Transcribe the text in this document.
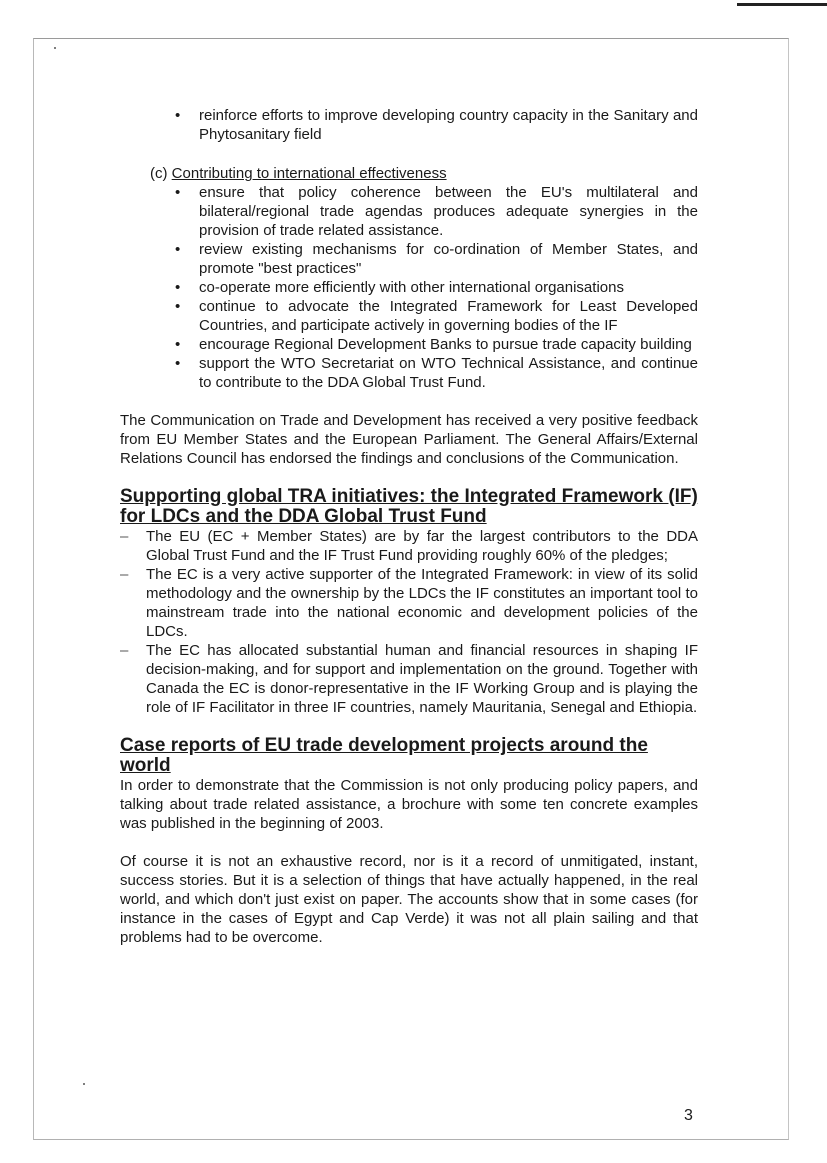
• reinforce efforts to improve developing country capacity in the Sanitary and Phytosanitary field
(c) Contributing to international effectiveness
• ensure that policy coherence between the EU's multilateral and bilateral/regional trade agendas produces adequate synergies in the provision of trade related assistance.
• review existing mechanisms for co-ordination of Member States, and promote "best practices"
• co-operate more efficiently with other international organisations
• continue to advocate the Integrated Framework for Least Developed Countries, and participate actively in governing bodies of the IF
• encourage Regional Development Banks to pursue trade capacity building
• support the WTO Secretariat on WTO Technical Assistance, and continue to contribute to the DDA Global Trust Fund.

The Communication on Trade and Development has received a very positive feedback from EU Member States and the European Parliament. The General Affairs/External Relations Council has endorsed the findings and conclusions of the Communication.

Supporting global TRA initiatives: the Integrated Framework (IF) for LDCs and the DDA Global Trust Fund
– The EU (EC + Member States) are by far the largest contributors to the DDA Global Trust Fund and the IF Trust Fund providing roughly 60% of the pledges;
– The EC is a very active supporter of the Integrated Framework: in view of its solid methodology and the ownership by the LDCs the IF constitutes an important tool to mainstream trade into the national economic and development policies of the LDCs.
– The EC has allocated substantial human and financial resources in shaping IF decision-making, and for support and implementation on the ground. Together with Canada the EC is donor-representative in the IF Working Group and is playing the role of IF Facilitator in three IF countries, namely Mauritania, Senegal and Ethiopia.
Case reports of EU trade development projects around the world

In order to demonstrate that the Commission is not only producing policy papers, and talking about trade related assistance, a brochure with some ten concrete examples was published in the beginning of 2003.

Of course it is not an exhaustive record, nor is it a record of unmitigated, instant, success stories. But it is a selection of things that have actually happened, in the real world, and which don't just exist on paper. The accounts show that in some cases (for instance in the cases of Egypt and Cap Verde) it was not all plain sailing and that problems had to be overcome.

3
